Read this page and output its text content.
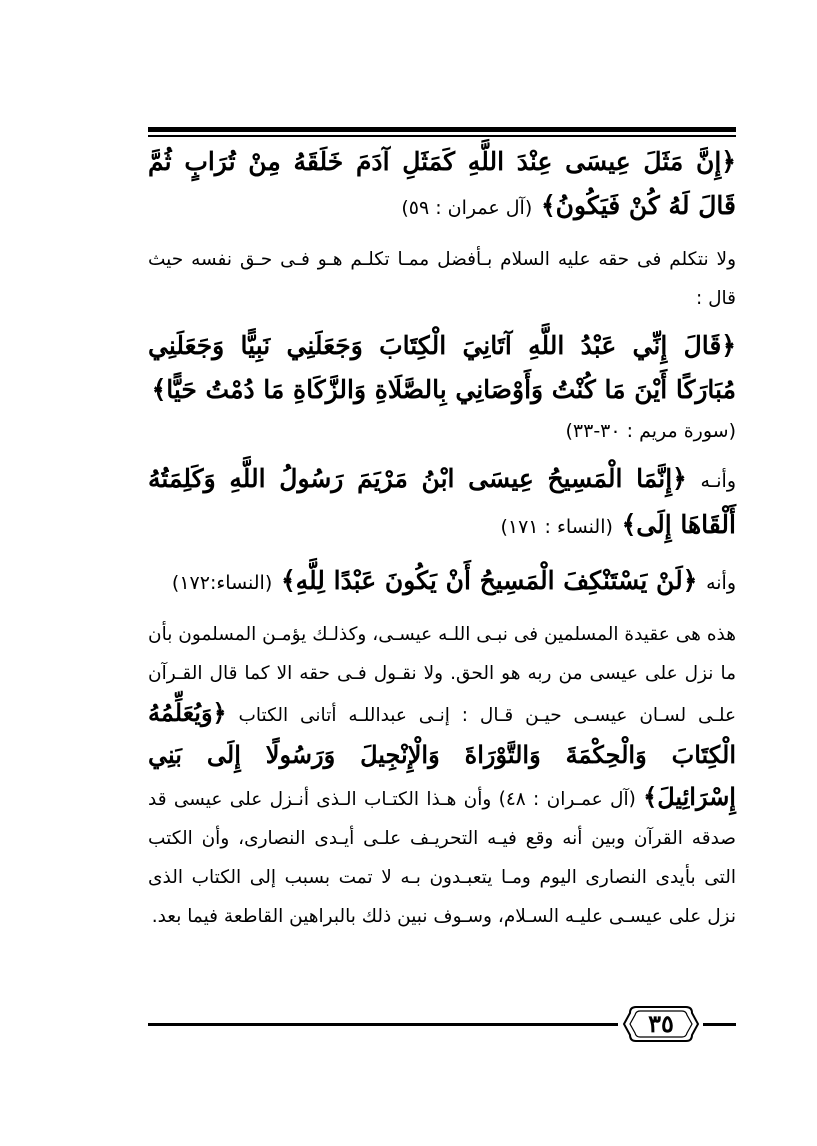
﴿إِنَّ مَثَلَ عِيسَى عِنْدَ اللَّهِ كَمَثَلِ آدَمَ خَلَقَهُ مِنْ تُرَابٍ ثُمَّ قَالَ لَهُ كُنْ فَيَكُونُ﴾ (آل عمران : ٥٩)
ولا نتكلم فى حقه عليه السلام بـأفضل ممـا تكلـم هـو فـى حـق نفسه حيث قال :
﴿قَالَ إِنِّي عَبْدُ اللَّهِ آتَانِيَ الْكِتَابَ وَجَعَلَنِي نَبِيًّا وَجَعَلَنِي مُبَارَكًا أَيْنَ مَا كُنْتُ وَأَوْصَانِي بِالصَّلَاةِ وَالزَّكَاةِ مَا دُمْتُ حَيًّا﴾
(سورة مريم : ٣٠-٣٣)
وأنـه ﴿إِنَّمَا الْمَسِيحُ عِيسَى ابْنُ مَرْيَمَ رَسُولُ اللَّهِ وَكَلِمَتُهُ أَلْقَاهَا إِلَى﴾ (النساء : ١٧١)
وأنه ﴿لَنْ يَسْتَنْكِفَ الْمَسِيحُ أَنْ يَكُونَ عَبْدًا لِلَّهِ﴾ (النساء:١٧٢)
هذه هى عقيدة المسلمين فى نبـى اللـه عيسـى، وكذلـك يؤمـن المسلمون بأن ما نزل على عيسى من ربه هو الحق. ولا نقـول فـى حقه الا كما قال القـرآن علـى لسـان عيسـى حيـن قـال : إنـى عبداللـه أتانى الكتاب ﴿وَيُعَلِّمُهُ الْكِتَابَ وَالْحِكْمَةَ وَالتَّوْرَاةَ وَالْإِنْجِيلَ وَرَسُولًا إِلَى بَنِي إِسْرَائِيلَ﴾ (آل عمـران : ٤٨) وأن هـذا الكتـاب الـذى أنـزل على عيسى قد صدقه القرآن وبين أنه وقع فيـه التحريـف علـى أيـدى النصارى، وأن الكتب التى بأيدى النصارى اليوم ومـا يتعبـدون بـه لا تمت بسبب إلى الكتاب الذى نزل على عيسـى عليـه السـلام، وسـوف نبين ذلك بالبراهين القاطعة فيما بعد.
٣٥
